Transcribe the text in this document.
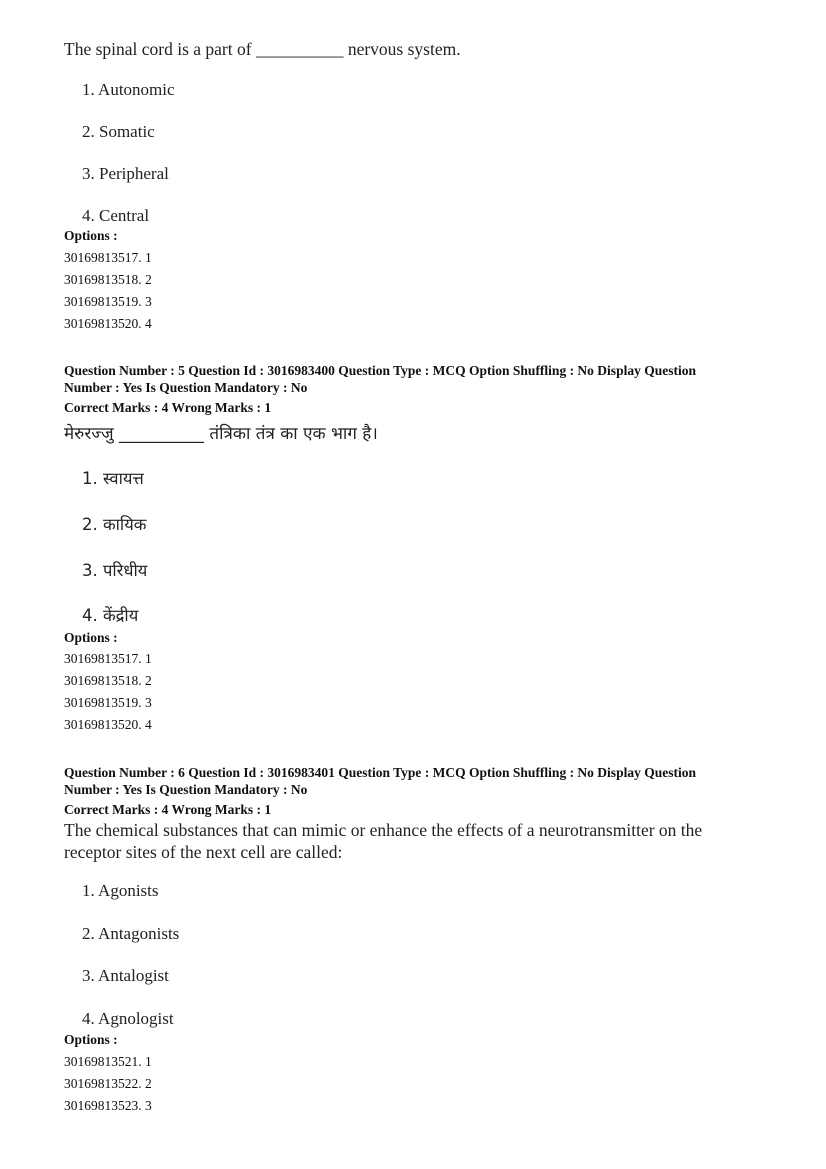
The spinal cord is a part of __________ nervous system.
1. Autonomic
2. Somatic
3. Peripheral
4. Central
Options :
30169813517. 1
30169813518. 2
30169813519. 3
30169813520. 4
Question Number : 5 Question Id : 3016983400 Question Type : MCQ Option Shuffling : No Display Question
Number : Yes Is Question Mandatory : No
Correct Marks : 4 Wrong Marks : 1
मेरुरज्जु __________ तंत्रिका तंत्र का एक भाग है।
1. स्वायत्त
2. कायिक
3. परिधीय
4. केंद्रीय
Options :
30169813517. 1
30169813518. 2
30169813519. 3
30169813520. 4
Question Number : 6 Question Id : 3016983401 Question Type : MCQ Option Shuffling : No Display Question
Number : Yes Is Question Mandatory : No
Correct Marks : 4 Wrong Marks : 1
The chemical substances that can mimic or enhance the effects of a neurotransmitter on the
receptor sites of the next cell are called:
1. Agonists
2. Antagonists
3. Antalogist
4. Agnologist
Options :
30169813521. 1
30169813522. 2
30169813523. 3
